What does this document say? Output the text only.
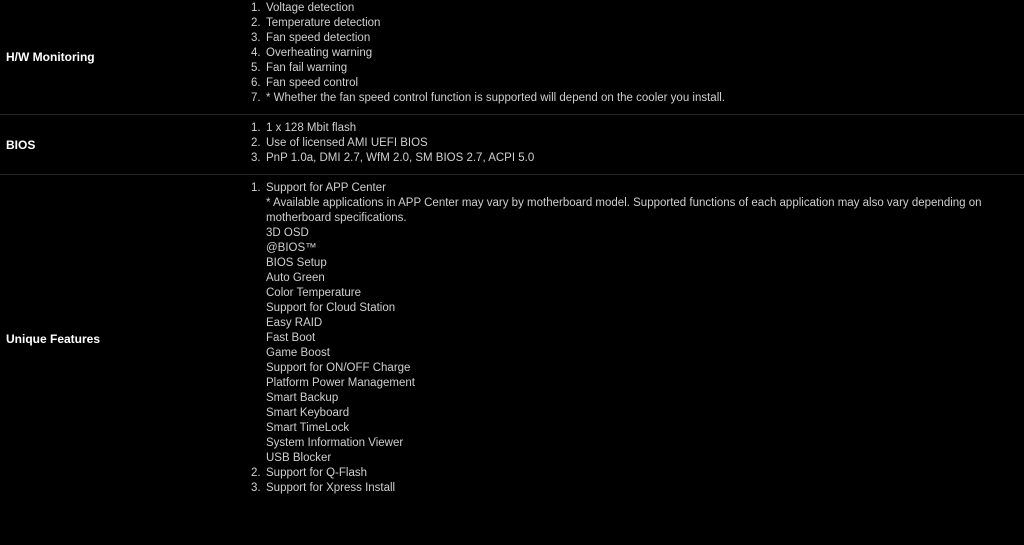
H/W Monitoring	
1. Voltage detection
2. Temperature detection
3. Fan speed detection
4. Overheating warning
5. Fan fail warning
6. Fan speed control
7. * Whether the fan speed control function is supported will depend on the cooler you install.

BIOS	
1. 1 x 128 Mbit flash
2. Use of licensed AMI UEFI BIOS
3. PnP 1.0a, DMI 2.7, WfM 2.0, SM BIOS 2.7, ACPI 5.0

Unique Features	
1. Support for APP Center
* Available applications in APP Center may vary by motherboard model. Supported functions of each application may also vary depending on motherboard specifications.
3D OSD
@BIOS™
BIOS Setup
Auto Green
Color Temperature
Support for Cloud Station
Easy RAID
Fast Boot
Game Boost
Support for ON/OFF Charge
Platform Power Management
Smart Backup
Smart Keyboard
Smart TimeLock
System Information Viewer
USB Blocker
2. Support for Q-Flash
3. Support for Xpress Install
